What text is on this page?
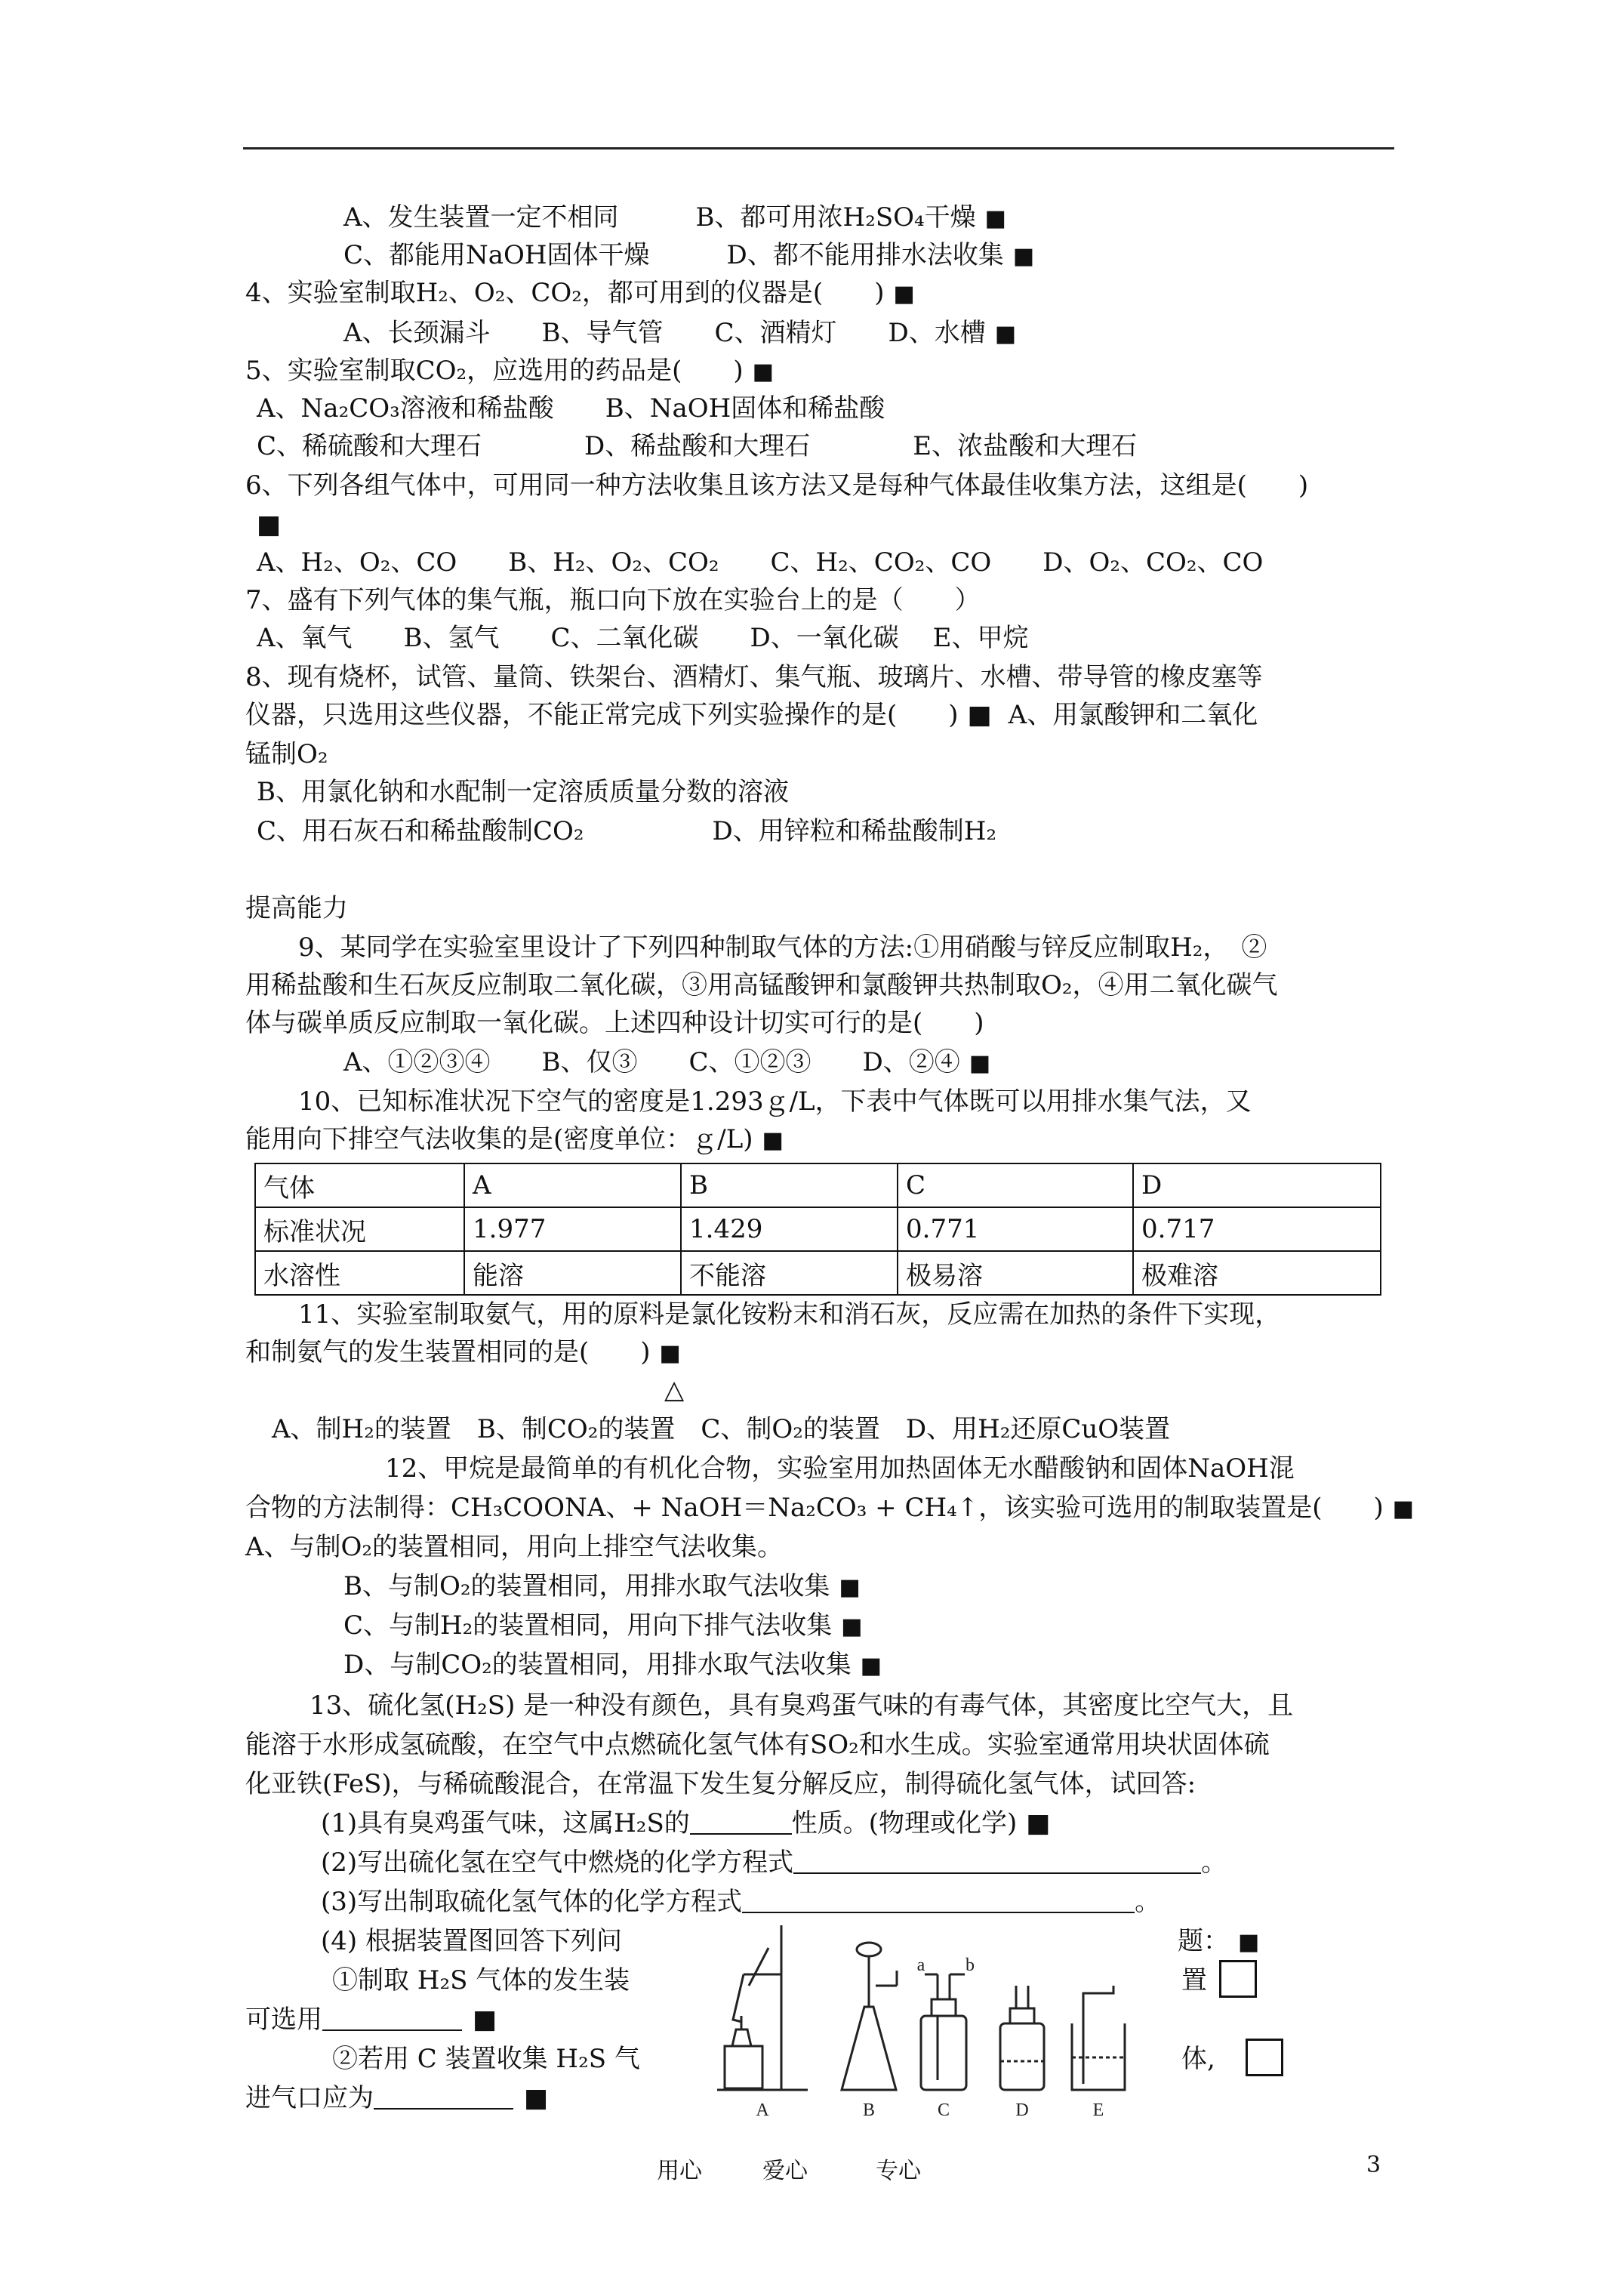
A、发生装置一定不相同　　　B、都可用浓H₂SO₄干燥 ■
C、都能用NaOH固体干燥　　　D、都不能用排水法收集 ■
4、实验室制取H₂、O₂、CO₂，都可用到的仪器是(　　) ■
A、长颈漏斗　　B、导气管　　C、酒精灯　　D、水槽 ■
5、实验室制取CO₂，应选用的药品是(　　) ■
A、Na₂CO₃溶液和稀盐酸　　B、NaOH固体和稀盐酸
C、稀硫酸和大理石　　　　D、稀盐酸和大理石　　　　E、浓盐酸和大理石
6、下列各组气体中，可用同一种方法收集且该方法又是每种气体最佳收集方法，这组是(　　)
■
A、H₂、O₂、CO　　B、H₂、O₂、CO₂　　C、H₂、CO₂、CO　　D、O₂、CO₂、CO
7、盛有下列气体的集气瓶，瓶口向下放在实验台上的是（　　）
A、氧气　　B、氢气　　C、二氧化碳　　D、一氧化碳　 E、甲烷
8、现有烧杯，试管、量筒、铁架台、酒精灯、集气瓶、玻璃片、水槽、带导管的橡皮塞等
仪器，只选用这些仪器，不能正常完成下列实验操作的是(　　) ■ A、用氯酸钾和二氧化
锰制O₂
B、用氯化钠和水配制一定溶质质量分数的溶液
C、用石灰石和稀盐酸制CO₂　　　　　D、用锌粒和稀盐酸制H₂
提高能力
9、某同学在实验室里设计了下列四种制取气体的方法:①用硝酸与锌反应制取H₂，　②
用稀盐酸和生石灰反应制取二氧化碳，③用高锰酸钾和氯酸钾共热制取O₂，④用二氧化碳气
体与碳单质反应制取一氧化碳。上述四种设计切实可行的是(　　)
A、①②③④　　B、仅③　　C、①②③　　D、②④ ■
10、已知标准状况下空气的密度是1.293ｇ/L，下表中气体既可以用排水集气法，又
能用向下排空气法收集的是(密度单位：ｇ/L) ■
气体	A	B	C	D
标准状况	1.977	1.429	0.771	0.717
水溶性	能溶	不能溶	极易溶	极难溶
11、实验室制取氨气，用的原料是氯化铵粉末和消石灰，反应需在加热的条件下实现，
和制氨气的发生装置相同的是(　　) ■
△
A、制H₂的装置　B、制CO₂的装置　C、制O₂的装置　D、用H₂还原CuO装置
12、甲烷是最简单的有机化合物，实验室用加热固体无水醋酸钠和固体NaOH混
合物的方法制得：CH₃COONA、+ NaOH＝Na₂CO₃ + CH₄↑，该实验可选用的制取装置是(　　) ■
A、与制O₂的装置相同，用向上排空气法收集。
B、与制O₂的装置相同，用排水取气法收集 ■
C、与制H₂的装置相同，用向下排气法收集 ■
D、与制CO₂的装置相同，用排水取气法收集 ■
13、硫化氢(H₂S) 是一种没有颜色，具有臭鸡蛋气味的有毒气体，其密度比空气大，且
能溶于水形成氢硫酸，在空气中点燃硫化氢气体有SO₂和水生成。实验室通常用块状固体硫
化亚铁(FeS)，与稀硫酸混合，在常温下发生复分解反应，制得硫化氢气体，试回答:
(1)具有臭鸡蛋气味，这属H₂S的	性质。(物理或化学) ■
(2)写出硫化氢在空气中燃烧的化学方程式	。
(3)写出制取硫化氢气体的化学方程式	。
(4) 根据装置图回答下列问	题： ■
①制取 H₂S 气体的发生装	置
可选用	■
②若用 C 装置收集 H₂S 气	体,
进气口应为	■	A	B	C	D	E
a b
用心	爱心	专心	3
